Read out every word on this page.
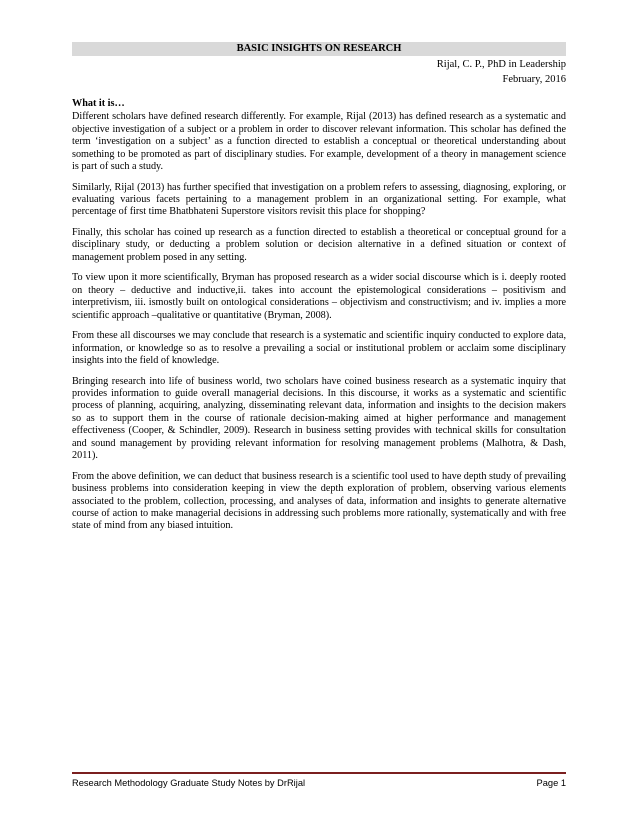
BASIC INSIGHTS ON RESEARCH
Rijal, C. P., PhD in Leadership
February, 2016
What it is…

Different scholars have defined research differently. For example, Rijal (2013) has defined research as a systematic and objective investigation of a subject or a problem in order to discover relevant information. This scholar has defined the term ‘investigation on a subject’ as a function directed to establish a conceptual or theoretical understanding about something to be promoted as part of disciplinary studies. For example, development of a theory in management science is part of such a study.

Similarly, Rijal (2013) has further specified that investigation on a problem refers to assessing, diagnosing, exploring, or evaluating various facets pertaining to a management problem in an organizational setting. For example, what percentage of first time Bhatbhateni Superstore visitors revisit this place for shopping?

Finally, this scholar has coined up research as a function directed to establish a theoretical or conceptual ground for a disciplinary study, or deducting a problem solution or decision alternative in a defined situation or context of management problem posed in any setting.

To view upon it more scientifically, Bryman has proposed research as a wider social discourse which is i. deeply rooted on theory – deductive and inductive,ii. takes into account the epistemological considerations – positivism and interpretivism, iii. ismostly built on ontological considerations – objectivism and constructivism; and iv. implies a more scientific approach –qualitative or quantitative (Bryman, 2008).

From these all discourses we may conclude that research is a systematic and scientific inquiry conducted to explore data, information, or knowledge so as to resolve a prevailing a social or institutional problem or acclaim some disciplinary insights into the field of knowledge.

Bringing research into life of business world, two scholars have coined business research as a systematic inquiry that provides information to guide overall managerial decisions. In this discourse, it works as a systematic and scientific process of planning, acquiring, analyzing, disseminating relevant data, information and insights to the decision makers so as to support them in the course of rationale decision-making aimed at higher performance and management effectiveness (Cooper, & Schindler, 2009). Research in business setting provides with technical skills for consultation and sound management by providing relevant information for resolving management problems (Malhotra, & Dash, 2011).

From the above definition, we can deduct that business research is a scientific tool used to have depth study of prevailing business problems into consideration keeping in view the depth exploration of problem, observing various elements associated to the problem, collection, processing, and analyses of data, information and insights to generate alternative course of action to make managerial decisions in addressing such problems more rationally, systematically and with free state of mind from any biased intuition.

Research Methodology Graduate Study Notes by DrRijal	Page 1
